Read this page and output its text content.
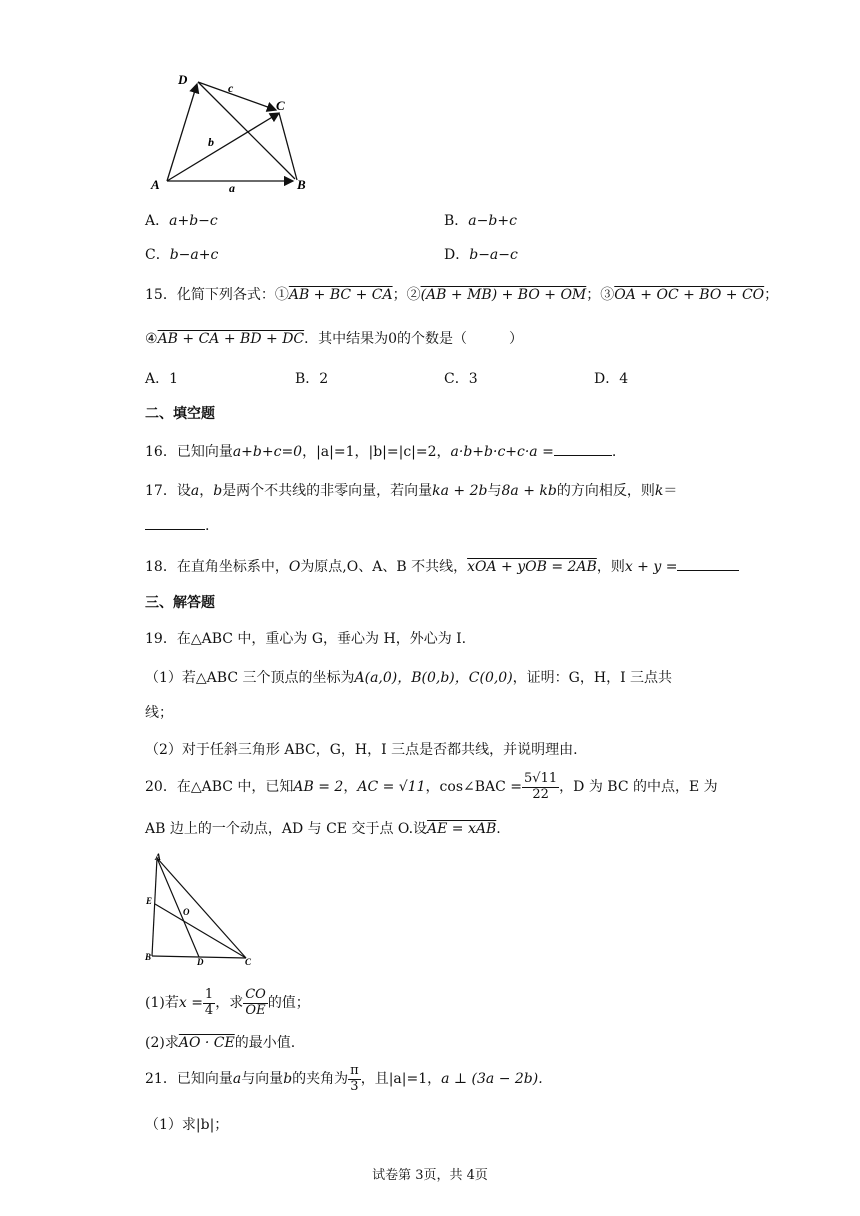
D
C
A	B
a
b
c
A．a+b−c	B．a−b+c
C．b−a+c	D．b−a−c
15．化简下列各式：①AB + BC + CA；②(AB + MB) + BO + OM；③OA + OC + BO + CO；
④AB + CA + BD + DC．其中结果为0的个数是（　　　）
A．1	B．2	C．3	D．4
二、填空题
16．已知向量a+b+c=0，|a|=1，|b|=|c|=2，a·b+b·c+c·a =	.
17．设a，b是两个不共线的非零向量，若向量ka + 2b与8a + kb的方向相反，则k＝
.
18．在直角坐标系中，O为原点,O、A、B 不共线，xOA + yOB = 2AB，则x + y =
三、解答题
19．在△ABC 中，重心为 G，垂心为 H，外心为 I.
（1）若△ABC 三个顶点的坐标为A(a,0)，B(0,b)，C(0,0)，证明：G，H，I 三点共
线；
（2）对于任斜三角形 ABC，G，H，I 三点是否都共线，并说明理由.
20．在△ABC 中，已知AB = 2，AC = √11，cos∠BAC = $\frac{5√11}{22}$ ，D 为 BC 的中点，E 为
AB 边上的一个动点，AD 与 CE 交于点 O.设AE = xAB.
A
E
O
B	D	C
(1)若$x = \frac{1}{4}$ ，求 $\frac{CO}{OE}$ 的值；
(2)求AO · CE的最小值.
21．已知向量a与向量b的夹角为 $\frac{\pi}{3}$ ，且|a|=1，a ⊥ (3a − 2b).
（1）求|b|；
试卷第 3页，共 4页
